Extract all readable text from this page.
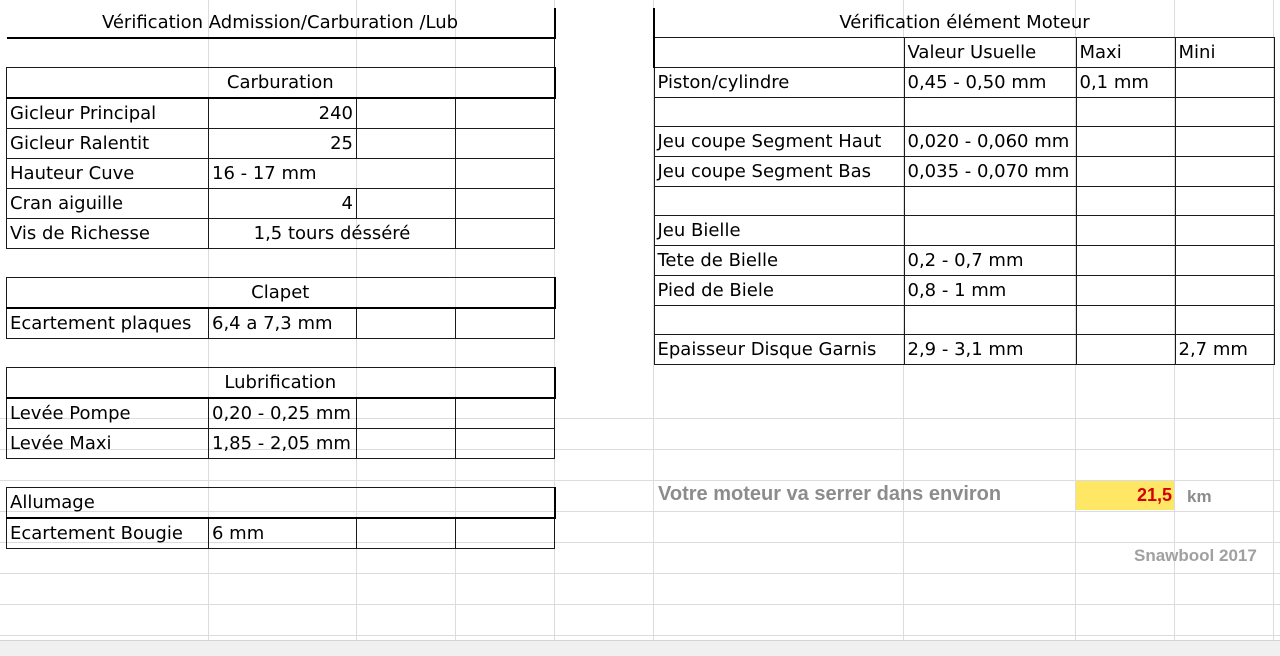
Vérification Admission/Carburation /Lub			

Carburation			
Gicleur Principal	240		
Gicleur Ralentit	25		
Hauteur Cuve	16 - 17 mm		
Cran aiguille	4		
Vis de Richesse	1,5 tours désséré		

Clapet			
Ecartement plaques	6,4 a 7,3 mm		

Lubrification			
Levée Pompe	0,20 - 0,25 mm		
Levée Maxi	1,85 - 2,05 mm		

Allumage			
Ecartement Bougie	6 mm		
Vérification élément Moteur			
	Valeur Usuelle	Maxi	Mini
Piston/cylindre	0,45 - 0,50 mm	0,1 mm	

Jeu coupe Segment Haut	0,020 - 0,060 mm		
Jeu coupe Segment Bas	0,035 - 0,070 mm		

Jeu Bielle			
Tete de Bielle	0,2 - 0,7 mm		
Pied de Biele	0,8 - 1 mm		

Epaisseur Disque Garnis	2,9 - 3,1 mm		2,7 mm
Votre moteur va serrer dans environ	21,5 km
Snawbool 2017
